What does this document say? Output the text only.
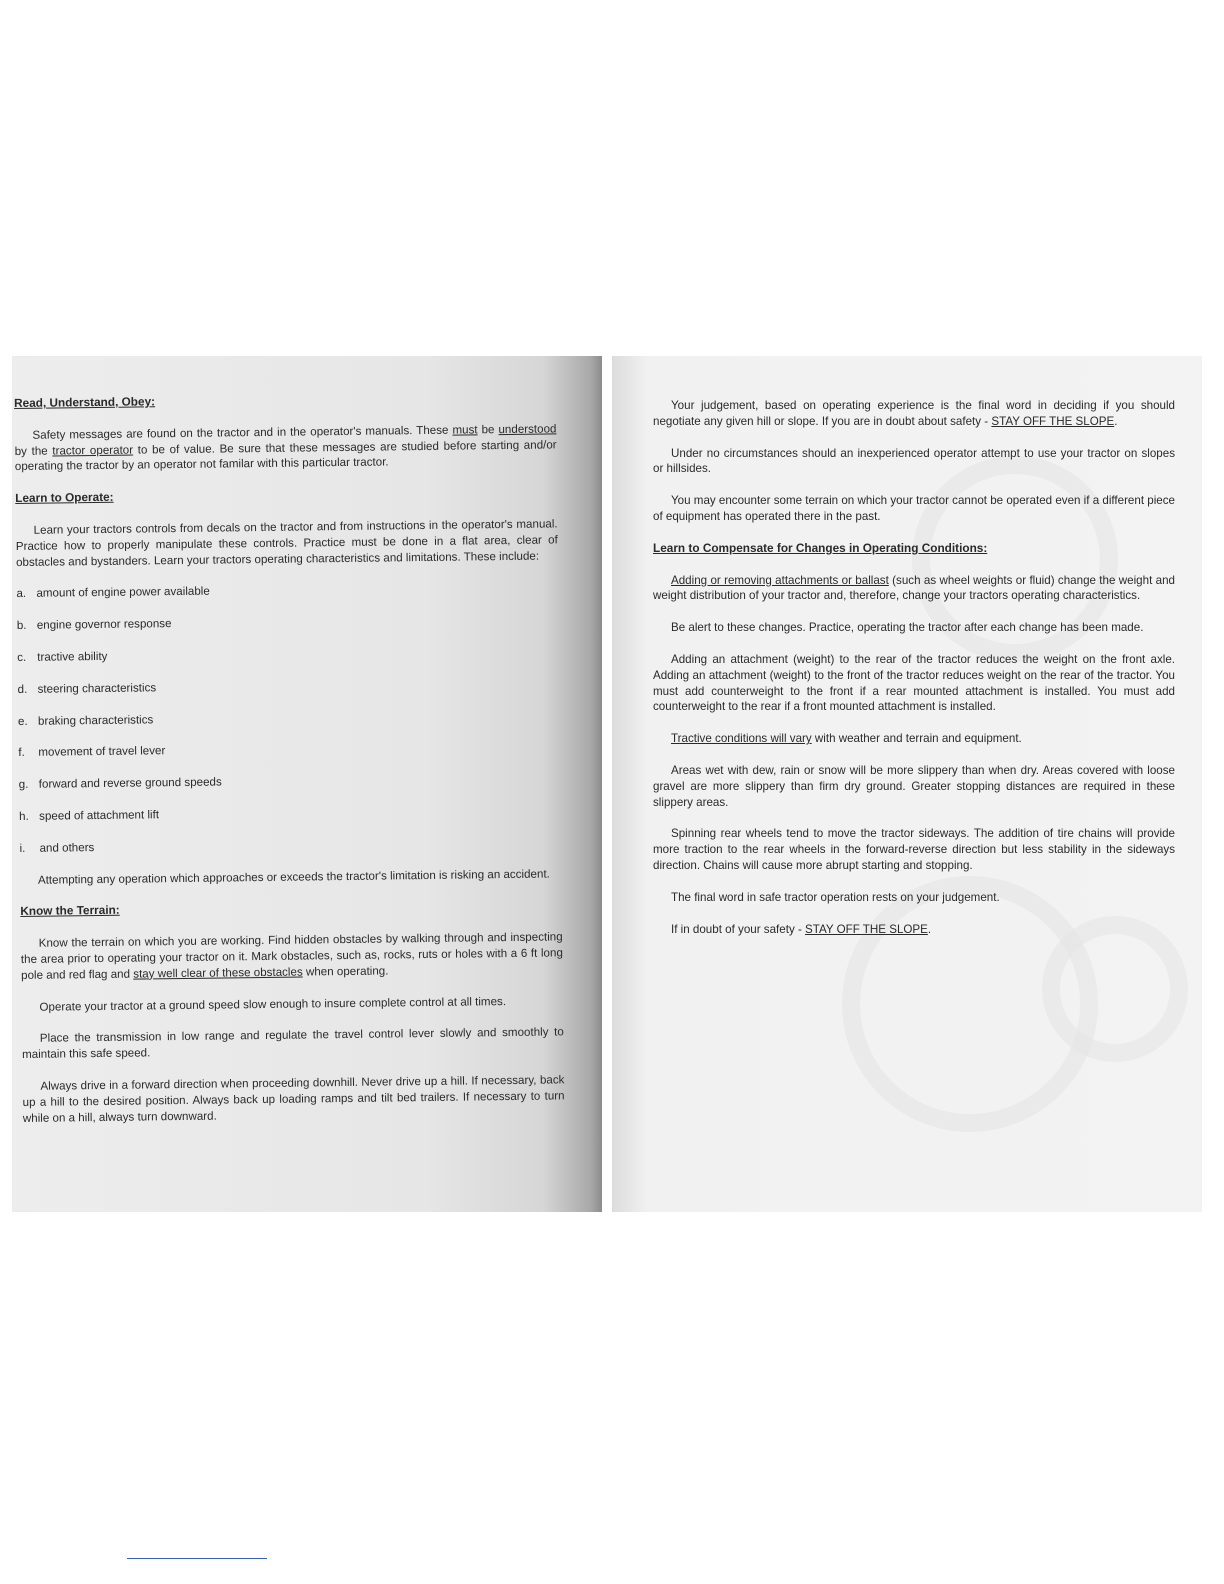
Read, Understand, Obey:

Safety messages are found on the tractor and in the operator's manuals. These must be understood by the tractor operator to be of value. Be sure that these messages are studied before starting and/or operating the tractor by an operator not familar with this particular tractor.

Learn to Operate:

Learn your tractors controls from decals on the tractor and from instructions in the operator's manual. Practice how to properly manipulate these controls. Practice must be done in a flat area, clear of obstacles and bystanders. Learn your tractors operating characteristics and limitations. These include:

a. amount of engine power available
b. engine governor response
c. tractive ability
d. steering characteristics
e. braking characteristics
f. movement of travel lever
g. forward and reverse ground speeds
h. speed of attachment lift
i. and others

Attempting any operation which approaches or exceeds the tractor's limitation is risking an accident.

Know the Terrain:

Know the terrain on which you are working. Find hidden obstacles by walking through and inspecting the area prior to operating your tractor on it. Mark obstacles, such as, rocks, ruts or holes with a 6 ft long pole and red flag and stay well clear of these obstacles when operating.

Operate your tractor at a ground speed slow enough to insure complete control at all times.

Place the transmission in low range and regulate the travel control lever slowly and smoothly to maintain this safe speed.

Always drive in a forward direction when proceeding downhill. Never drive up a hill. If necessary, back up a hill to the desired position. Always back up loading ramps and tilt bed trailers. If necessary to turn while on a hill, always turn downward.

Your judgement, based on operating experience is the final word in deciding if you should negotiate any given hill or slope. If you are in doubt about safety - STAY OFF THE SLOPE.

Under no circumstances should an inexperienced operator attempt to use your tractor on slopes or hillsides.

You may encounter some terrain on which your tractor cannot be operated even if a different piece of equipment has operated there in the past.

Learn to Compensate for Changes in Operating Conditions:

Adding or removing attachments or ballast (such as wheel weights or fluid) change the weight and weight distribution of your tractor and, therefore, change your tractors operating characteristics.

Be alert to these changes. Practice, operating the tractor after each change has been made.

Adding an attachment (weight) to the rear of the tractor reduces the weight on the front axle. Adding an attachment (weight) to the front of the tractor reduces weight on the rear of the tractor. You must add counterweight to the front if a rear mounted attachment is installed. You must add counterweight to the rear if a front mounted attachment is installed.

Tractive conditions will vary with weather and terrain and equipment.

Areas wet with dew, rain or snow will be more slippery than when dry. Areas covered with loose gravel are more slippery than firm dry ground. Greater stopping distances are required in these slippery areas.

Spinning rear wheels tend to move the tractor sideways. The addition of tire chains will provide more traction to the rear wheels in the forward-reverse direction but less stability in the sideways direction. Chains will cause more abrupt starting and stopping.

The final word in safe tractor operation rests on your judgement.

If in doubt of your safety - STAY OFF THE SLOPE.
